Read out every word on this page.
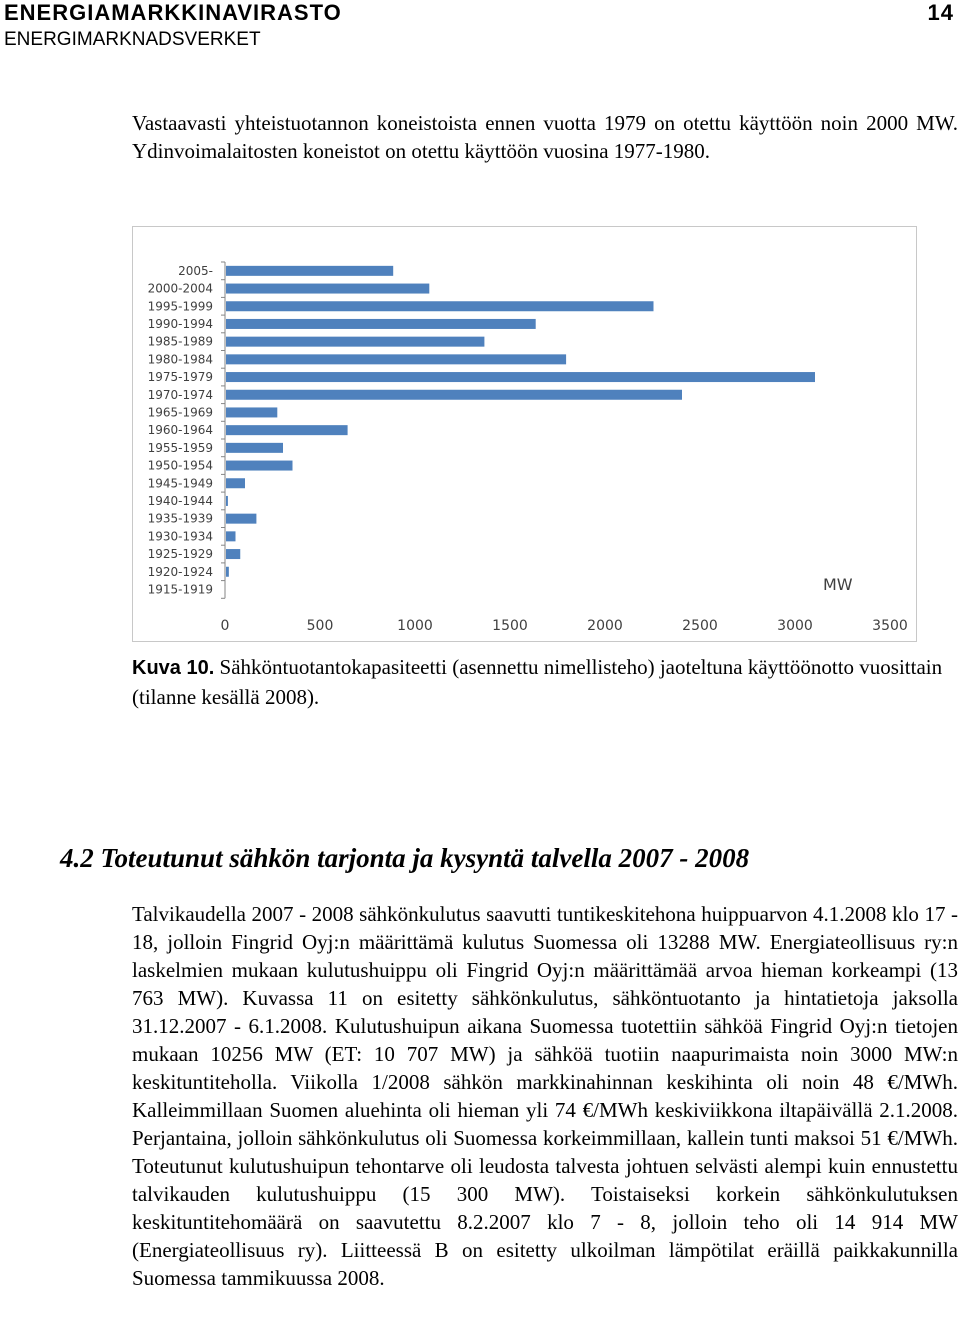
ENERGIAMARKKINAVIRASTO	14
ENERGIMARKNADSVERKET

Vastaavasti yhteistuotannon koneistoista ennen vuotta 1979 on otettu käyttöön noin 2000 MW. Ydinvoimalaitosten koneistot on otettu käyttöön vuosina 1977-1980.

2005-
2000-2004
1995-1999
1990-1994
1985-1989
1980-1984
1975-1979
1970-1974
1965-1969
1960-1964
1955-1959
1950-1954
1945-1949
1940-1944
1935-1939
1930-1934
1925-1929
1920-1924
1915-1919	MW
0	500	1000	1500	2000	2500	3000	3500

Kuva 10. Sähköntuotantokapasiteetti (asennettu nimellisteho) jaoteltuna käyttöönotto vuosittain (tilanne kesällä 2008).

4.2 Toteutunut sähkön tarjonta ja kysyntä talvella 2007 - 2008

Talvikaudella 2007 - 2008 sähkönkulutus saavutti tuntikeskitehona huippuarvon 4.1.2008 klo 17 - 18, jolloin Fingrid Oyj:n määrittämä kulutus Suomessa oli 13288 MW. Energiateollisuus ry:n laskelmien mukaan kulutushuippu oli Fingrid Oyj:n määrittämää arvoa hieman korkeampi (13 763 MW). Kuvassa 11 on esitetty sähkönkulutus, sähköntuotanto ja hintatietoja jaksolla 31.12.2007 - 6.1.2008. Kulutushuipun aikana Suomessa tuotettiin sähköä Fingrid Oyj:n tietojen mukaan 10256 MW (ET: 10 707 MW) ja sähköä tuotiin naapurimaista noin 3000 MW:n keskituntiteholla. Viikolla 1/2008 sähkön markkinahinnan keskihinta oli noin 48 €/MWh. Kalleimmillaan Suomen aluehinta oli hieman yli 74 €/MWh keskiviikkona iltapäivällä 2.1.2008. Perjantaina, jolloin sähkönkulutus oli Suomessa korkeimmillaan, kallein tunti maksoi 51 €/MWh. Toteutunut kulutushuipun tehontarve oli leudosta talvesta johtuen selvästi alempi kuin ennustettu talvikauden kulutushuippu (15 300 MW). Toistaiseksi korkein sähkönkulutuksen keskituntitehomäärä on saavutettu 8.2.2007 klo 7 - 8, jolloin teho oli 14 914 MW (Energiateollisuus ry). Liitteessä B on esitetty ulkoilman lämpötilat eräillä paikkakunnilla Suomessa tammikuussa 2008.
